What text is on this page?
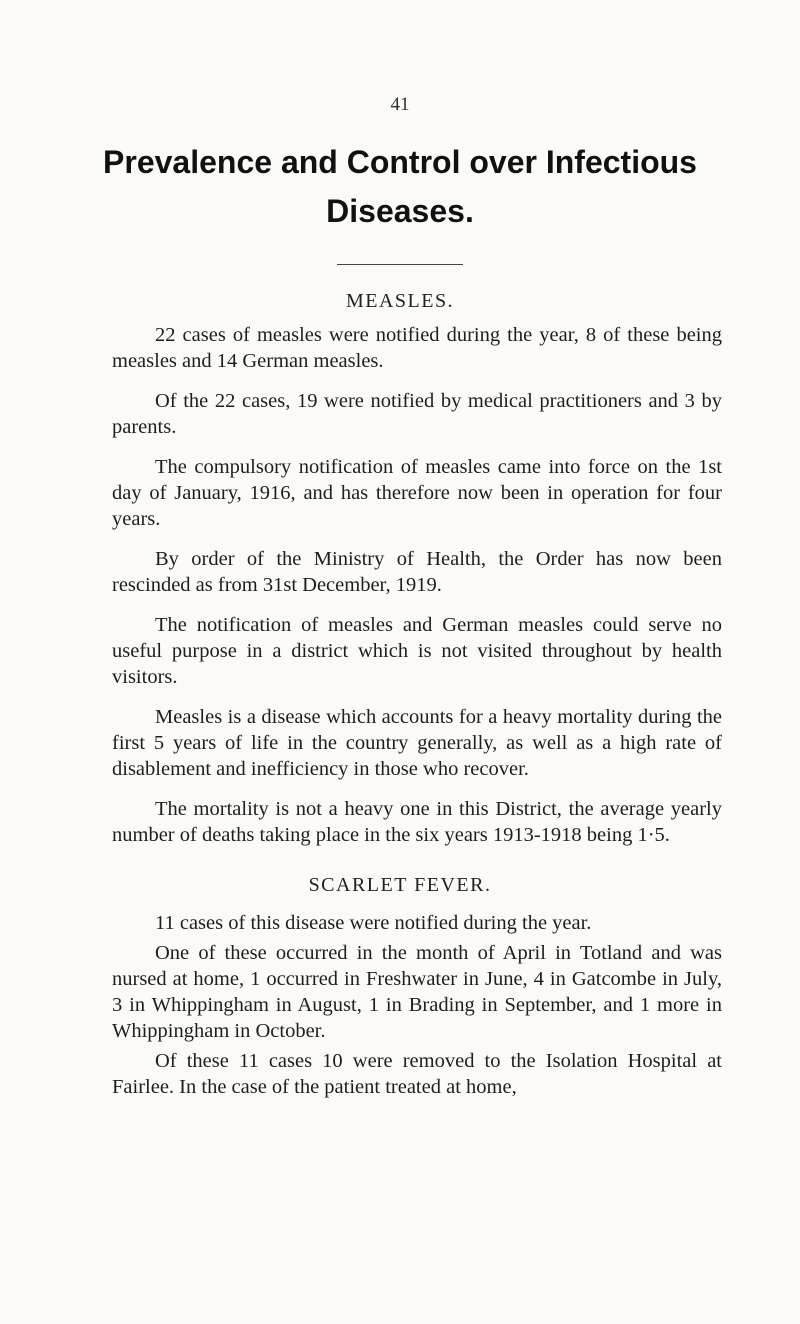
41
Prevalence and Control over Infectious Diseases.
MEASLES.

22 cases of measles were notified during the year, 8 of these being measles and 14 German measles.

Of the 22 cases, 19 were notified by medical practitioners and 3 by parents.

The compulsory notification of measles came into force on the 1st day of January, 1916, and has therefore now been in operation for four years.

By order of the Ministry of Health, the Order has now been rescinded as from 31st December, 1919.

The notification of measles and German measles could serve no useful purpose in a district which is not visited throughout by health visitors.

Measles is a disease which accounts for a heavy mortality during the first 5 years of life in the country generally, as well as a high rate of disablement and inefficiency in those who recover.

The mortality is not a heavy one in this District, the average yearly number of deaths taking place in the six years 1913-1918 being 1·5.

SCARLET FEVER.

11 cases of this disease were notified during the year.

One of these occurred in the month of April in Totland and was nursed at home, 1 occurred in Freshwater in June, 4 in Gatcombe in July, 3 in Whippingham in August, 1 in Brading in September, and 1 more in Whippingham in October.

Of these 11 cases 10 were removed to the Isolation Hospital at Fairlee. In the case of the patient treated at home,
